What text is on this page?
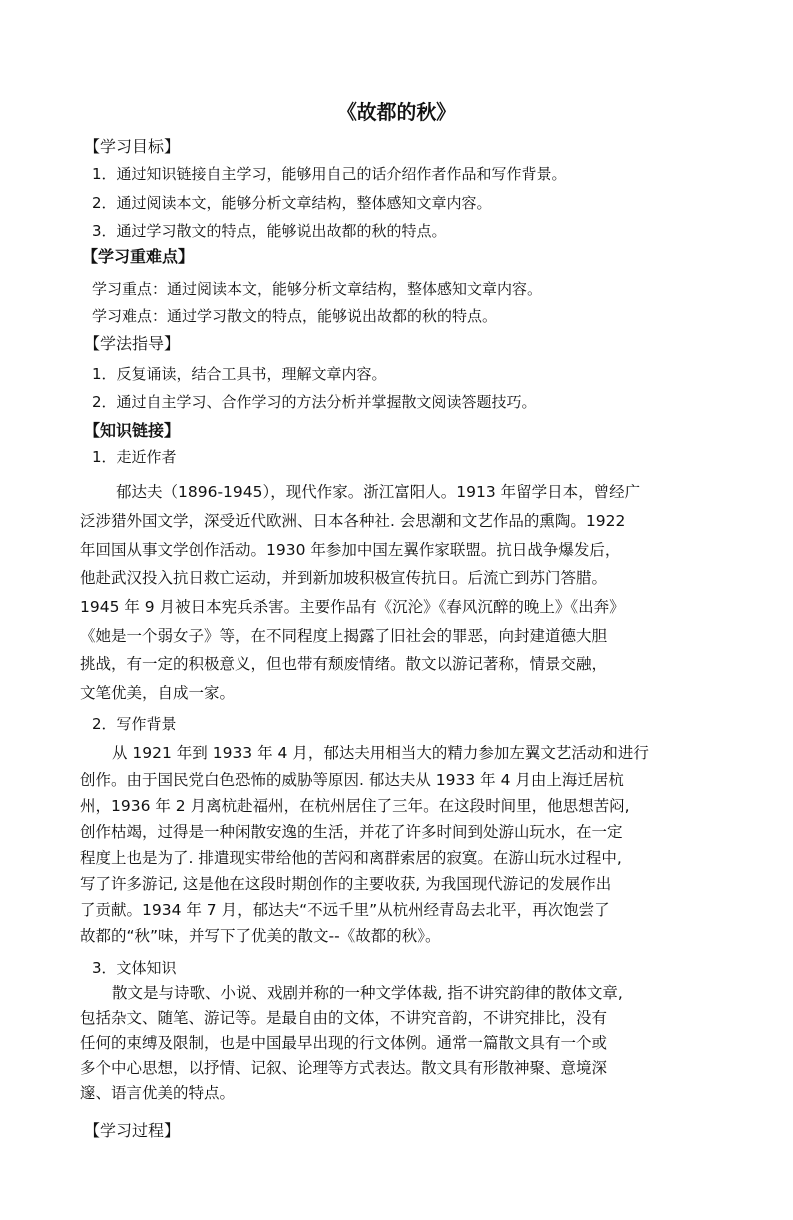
《故都的秋》
【学习目标】
1．通过知识链接自主学习，能够用自己的话介绍作者作品和写作背景。
2．通过阅读本文，能够分析文章结构，整体感知文章内容。
3．通过学习散文的特点，能够说出故都的秋的特点。
【学习重难点】
学习重点：通过阅读本文，能够分析文章结构，整体感知文章内容。
学习难点：通过学习散文的特点，能够说出故都的秋的特点。
【学法指导】
1．反复诵读，结合工具书，理解文章内容。
2．通过自主学习、合作学习的方法分析并掌握散文阅读答题技巧。
【知识链接】
1．走近作者
郁达夫（1896-1945），现代作家。浙江富阳人。1913 年留学日本，曾经广
泛涉猎外国文学，深受近代欧洲、日本各种社. 会思潮和文艺作品的熏陶。1922
年回国从事文学创作活动。1930 年参加中国左翼作家联盟。抗日战争爆发后，
他赴武汉投入抗日救亡运动，并到新加坡积极宣传抗日。后流亡到苏门答腊。
1945 年 9 月被日本宪兵杀害。主要作品有《沉沦》《春风沉醉的晚上》《出奔》
《她是一个弱女子》等，在不同程度上揭露了旧社会的罪恶，向封建道德大胆
挑战，有一定的积极意义，但也带有颓废情绪。散文以游记著称，情景交融，
文笔优美，自成一家。
2．写作背景
从 1921 年到 1933 年 4 月，郁达夫用相当大的精力参加左翼文艺活动和进行
创作。由于国民党白色恐怖的威胁等原因. 郁达夫从 1933 年 4 月由上海迁居杭
州，1936 年 2 月离杭赴福州，在杭州居住了三年。在这段时间里，他思想苦闷,
创作枯竭，过得是一种闲散安逸的生活，并花了许多时间到处游山玩水，在一定
程度上也是为了. 排遣现实带给他的苦闷和离群索居的寂寞。在游山玩水过程中,
写了许多游记, 这是他在这段时期创作的主要收获, 为我国现代游记的发展作出
了贡献。1934 年 7 月，郁达夫“不远千里”从杭州经青岛去北平，再次饱尝了
故都的“秋”味，并写下了优美的散文--《故都的秋》。
3．文体知识
散文是与诗歌、小说、戏剧并称的一种文学体裁, 指不讲究韵律的散体文章,
包括杂文、随笔、游记等。是最自由的文体，不讲究音韵，不讲究排比，没有
任何的束缚及限制，也是中国最早出现的行文体例。通常一篇散文具有一个或
多个中心思想，以抒情、记叙、论理等方式表达。散文具有形散神聚、意境深
邃、语言优美的特点。
【学习过程】
